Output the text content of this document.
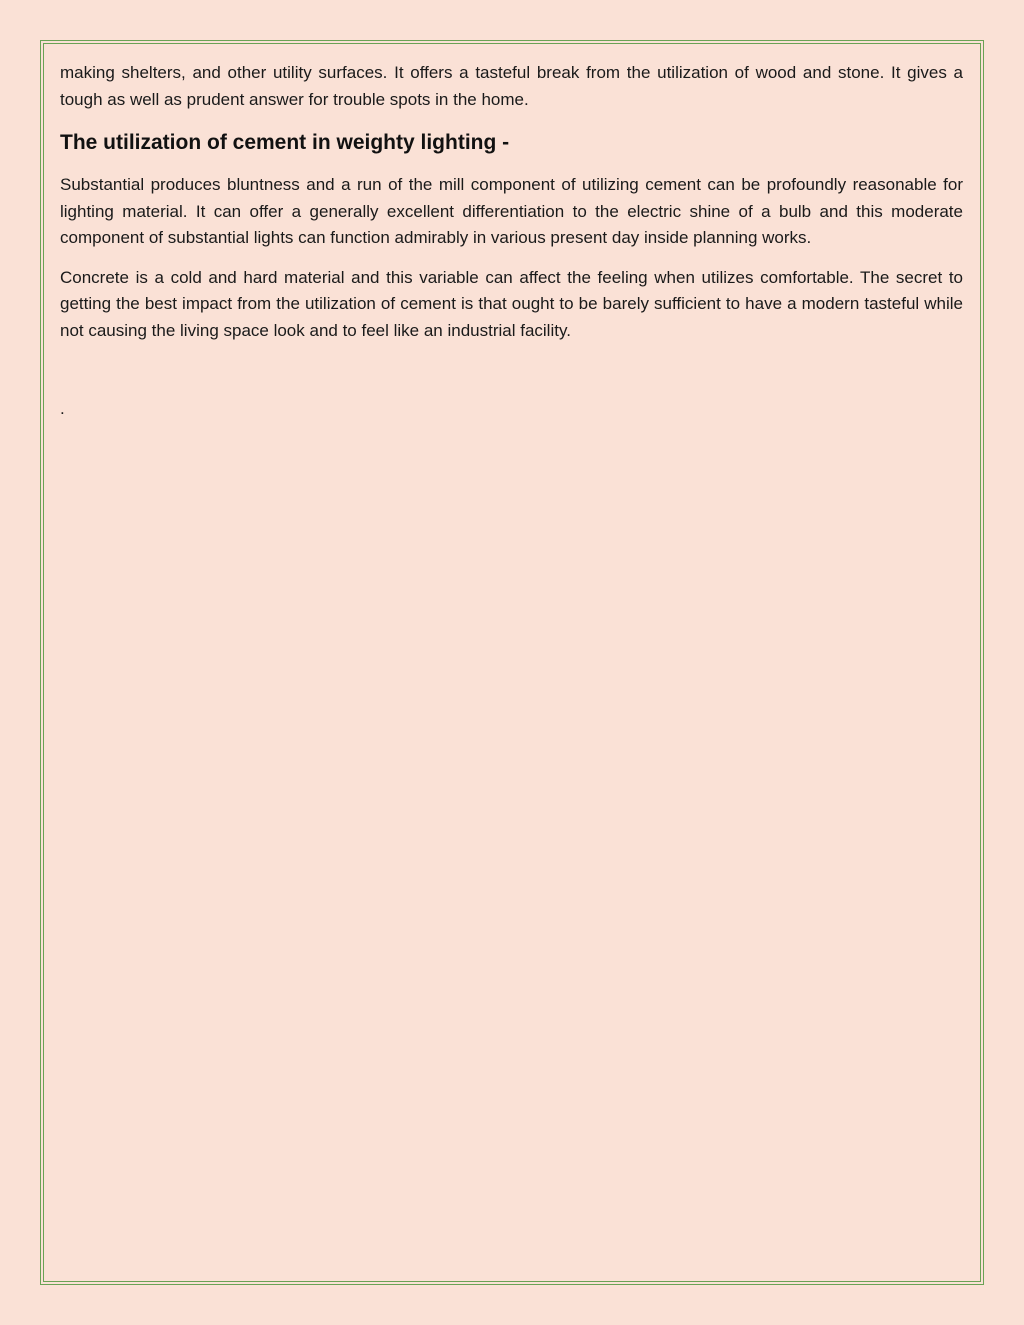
making shelters, and other utility surfaces. It offers a tasteful break from the utilization of wood and stone. It gives a tough as well as prudent answer for trouble spots in the home.

The utilization of cement in weighty lighting -

Substantial produces bluntness and a run of the mill component of utilizing cement can be profoundly reasonable for lighting material. It can offer a generally excellent differentiation to the electric shine of a bulb and this moderate component of substantial lights can function admirably in various present day inside planning works.

Concrete is a cold and hard material and this variable can affect the feeling when utilizes comfortable. The secret to getting the best impact from the utilization of cement is that ought to be barely sufficient to have a modern tasteful while not causing the living space look and to feel like an industrial facility.

.
